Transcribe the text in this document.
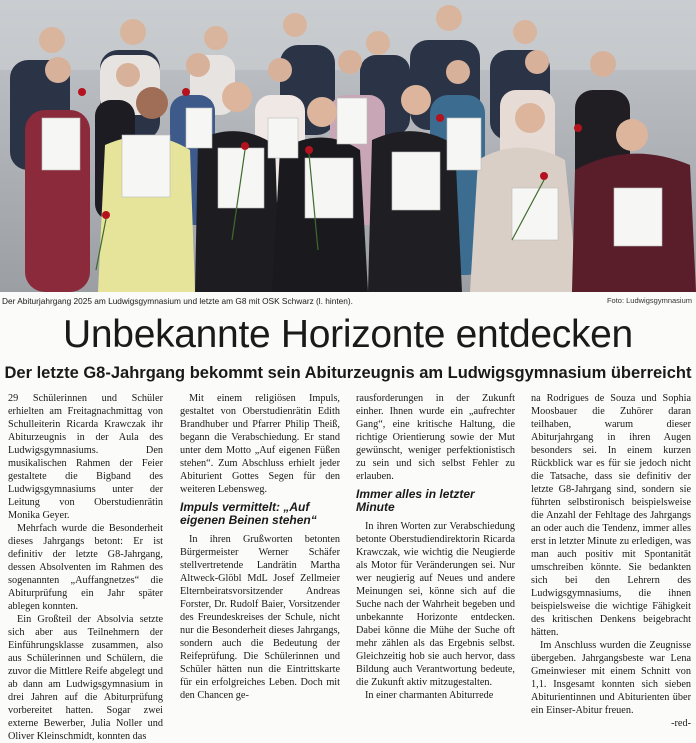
Der Abiturjahrgang 2025 am Ludwigsgymnasium und letzte am G8 mit OSK Schwarz (l. hinten).	Foto: Ludwigsgymnasium
Unbekannte Horizonte entdecken
Der letzte G8-Jahrgang bekommt sein Abiturzeugnis am Ludwigsgymnasium überreicht

29 Schülerinnen und Schüler erhielten am Freitagnachmittag von Schulleiterin Ricarda Krawczak ihr Abiturzeugnis in der Aula des Ludwigsgymnasiums. Den musikalischen Rahmen der Feier gestaltete die Bigband des Ludwigsgymnasiums unter der Leitung von Oberstudienrätin Monika Geyer.

Mehrfach wurde die Besonderheit dieses Jahrgangs betont: Er ist definitiv der letzte G8-Jahrgang, dessen Absolventen im Rahmen des sogenannten „Auffangnetzes“ die Abiturprüfung ein Jahr später ablegen konnten.

Ein Großteil der Absolvia setzte sich aber aus Teilnehmern der Einführungsklasse zusammen, also aus Schülerinnen und Schülern, die zuvor die Mittlere Reife abgelegt und ab dann am Ludwigsgymnasium in drei Jahren auf die Abiturprüfung vorbereitet hatten. Sogar zwei externe Bewerber, Julia Noller und Oliver Kleinschmidt, konnten das

Mit einem religiösen Impuls, gestaltet von Oberstudienrätin Edith Brandhuber und Pfarrer Philip Theiß, begann die Verabschiedung. Er stand unter dem Motto „Auf eigenen Füßen stehen“. Zum Abschluss erhielt jeder Abiturient Gottes Segen für den weiteren Lebensweg.

Impuls vermittelt: „Auf eigenen Beinen stehen“

In ihren Grußworten betonten Bürgermeister Werner Schäfer stellvertretende Landrätin Martha Altweck-Glöbl MdL Josef Zellmeier Elternbeiratsvorsitzender Andreas Forster, Dr. Rudolf Baier, Vorsitzender des Freundeskreises der Schule, nicht nur die Besonderheit dieses Jahrgangs, sondern auch die Bedeutung der Reifeprüfung. Die Schülerinnen und Schüler hätten nun die Eintrittskarte für ein erfolgreiches Leben. Doch mit den Chancen ge-

rausforderungen in der Zukunft einher. Ihnen wurde ein „aufrechter Gang“, eine kritische Haltung, die richtige Orientierung sowie der Mut gewünscht, weniger perfektionistisch zu sein und sich selbst Fehler zu erlauben.

Immer alles in letzter Minute

In ihren Worten zur Verabschiedung betonte Oberstudiendirektorin Ricarda Krawczak, wie wichtig die Neugierde als Motor für Veränderungen sei. Nur wer neugierig auf Neues und andere Meinungen sei, könne sich auf die Suche nach der Wahrheit begeben und unbekannte Horizonte entdecken. Dabei könne die Mühe der Suche oft mehr zählen als das Ergebnis selbst. Gleichzeitig hob sie auch hervor, dass Bildung auch Verantwortung bedeute, die Zukunft aktiv mitzugestalten.

In einer charmanten Abiturrede

na Rodrigues de Souza und Sophia Moosbauer die Zuhörer daran teilhaben, warum dieser Abiturjahrgang in ihren Augen besonders sei. In einem kurzen Rückblick war es für sie jedoch nicht die Tatsache, dass sie definitiv der letzte G8-Jahrgang sind, sondern sie führten selbstironisch beispielsweise die Anzahl der Fehltage des Jahrgangs an oder auch die Tendenz, immer alles erst in letzter Minute zu erledigen, was man auch positiv mit Spontanität umschreiben könnte. Sie bedankten sich bei den Lehrern des Ludwigsgymnasiums, die ihnen beispielsweise die wichtige Fähigkeit des kritischen Denkens beigebracht hätten.

Im Anschluss wurden die Zeugnisse übergeben. Jahrgangsbeste war Lena Gmeinwieser mit einem Schnitt von 1,1. Insgesamt konnten sich sieben Abiturientinnen und Abiturienten über ein Einser-Abitur freuen.

-red-
